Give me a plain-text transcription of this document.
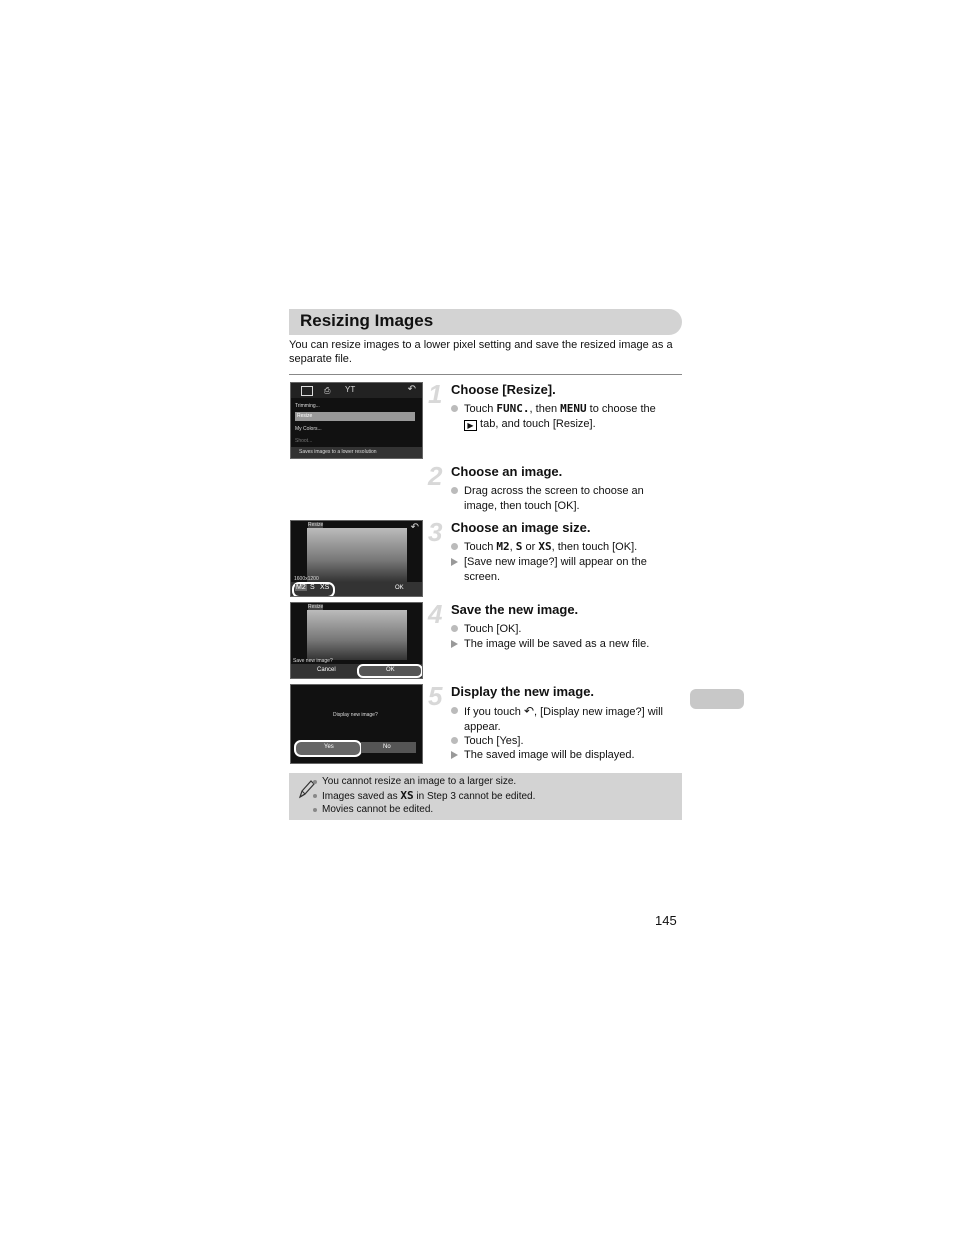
Resizing Images
You can resize images to a lower pixel setting and save the resized image as a separate file.
⎙ YT	↶
Trimming...
Resize
My Colors...
Shoot...
Saves images to a lower resolution
Resize	↶
1600x1200
M2 S XS	OK
Resize
Save new image?
Cancel	OK
Display new image?
Yes	No
1 Choose [Resize].
Touch FUNC., then MENU to choose the
▶ tab, and touch [Resize].
2 Choose an image.
Drag across the screen to choose an image, then touch [OK].
3 Choose an image size.
Touch M2, S or XS, then touch [OK].
[Save new image?] will appear on the screen.
4 Save the new image.
Touch [OK].
The image will be saved as a new file.
5 Display the new image.
If you touch ↶, [Display new image?] will appear.
Touch [Yes].
The saved image will be displayed.
You cannot resize an image to a larger size.
Images saved as XS in Step 3 cannot be edited.
Movies cannot be edited.
145
